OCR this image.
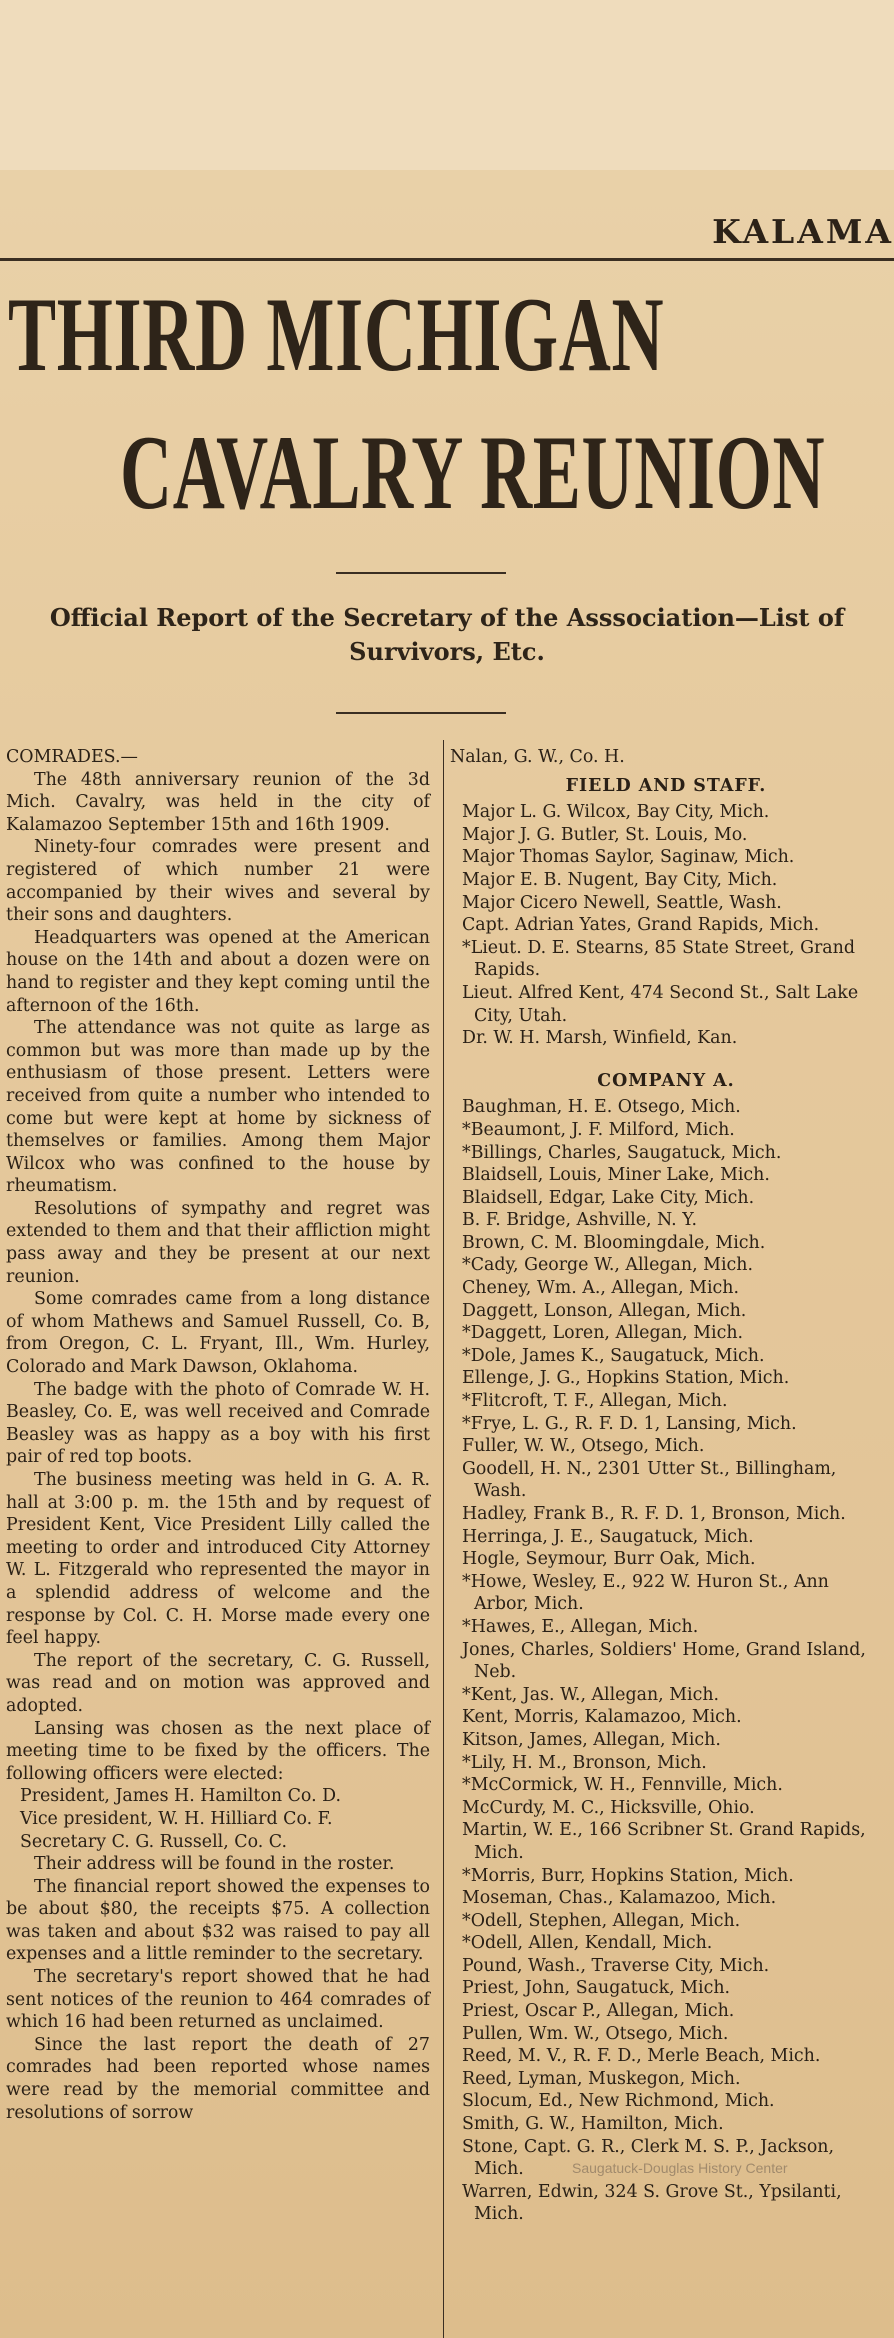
KALAMA
THIRD MICHIGAN
CAVALRY REUNION
Official Report of the Secretary of the Asssociation—List of Survivors, Etc.

COMRADES.—

The 48th anniversary reunion of the 3d Mich. Cavalry, was held in the city of Kalamazoo September 15th and 16th 1909.

Ninety-four comrades were present and registered of which number 21 were accompanied by their wives and several by their sons and daughters.

Headquarters was opened at the American house on the 14th and about a dozen were on hand to register and they kept coming until the afternoon of the 16th.

The attendance was not quite as large as common but was more than made up by the enthusiasm of those present. Letters were received from quite a number who intended to come but were kept at home by sickness of themselves or families. Among them Major Wilcox who was confined to the house by rheumatism.

Resolutions of sympathy and regret was extended to them and that their affliction might pass away and they be present at our next reunion.

Some comrades came from a long distance of whom Mathews and Samuel Russell, Co. B, from Oregon, C. L. Fryant, Ill., Wm. Hurley, Colorado and Mark Dawson, Oklahoma.

The badge with the photo of Comrade W. H. Beasley, Co. E, was well received and Comrade Beasley was as happy as a boy with his first pair of red top boots.

The business meeting was held in G. A. R. hall at 3:00 p. m. the 15th and by request of President Kent, Vice President Lilly called the meeting to order and introduced City Attorney W. L. Fitzgerald who represented the mayor in a splendid address of welcome and the response by Col. C. H. Morse made every one feel happy.

The report of the secretary, C. G. Russell, was read and on motion was approved and adopted.

Lansing was chosen as the next place of meeting time to be fixed by the officers. The following officers were elected:

President, James H. Hamilton Co. D.

Vice president, W. H. Hilliard Co. F.

Secretary C. G. Russell, Co. C.

Their address will be found in the roster.

The financial report showed the expenses to be about $80, the receipts $75. A collection was taken and about $32 was raised to pay all expenses and a little reminder to the secretary.

The secretary's report showed that he had sent notices of the reunion to 464 comrades of which 16 had been returned as unclaimed.

Since the last report the death of 27 comrades had been reported whose names were read by the memorial committee and resolutions of sorrow

Nalan, G. W., Co. H.

FIELD AND STAFF.
Major L. G. Wilcox, Bay City, Mich.
Major J. G. Butler, St. Louis, Mo.
Major Thomas Saylor, Saginaw, Mich.
Major E. B. Nugent, Bay City, Mich.
Major Cicero Newell, Seattle, Wash.
Capt. Adrian Yates, Grand Rapids, Mich.
*Lieut. D. E. Stearns, 85 State Street, Grand Rapids.
Lieut. Alfred Kent, 474 Second St., Salt Lake City, Utah.
Dr. W. H. Marsh, Winfield, Kan.
COMPANY A.
Baughman, H. E. Otsego, Mich.
*Beaumont, J. F. Milford, Mich.
*Billings, Charles, Saugatuck, Mich.
Blaidsell, Louis, Miner Lake, Mich.
Blaidsell, Edgar, Lake City, Mich.
B. F. Bridge, Ashville, N. Y.
Brown, C. M. Bloomingdale, Mich.
*Cady, George W., Allegan, Mich.
Cheney, Wm. A., Allegan, Mich.
Daggett, Lonson, Allegan, Mich.
*Daggett, Loren, Allegan, Mich.
*Dole, James K., Saugatuck, Mich.
Ellenge, J. G., Hopkins Station, Mich.
*Flitcroft, T. F., Allegan, Mich.
*Frye, L. G., R. F. D. 1, Lansing, Mich.
Fuller, W. W., Otsego, Mich.
Goodell, H. N., 2301 Utter St., Billingham, Wash.
Hadley, Frank B., R. F. D. 1, Bronson, Mich.
Herringa, J. E., Saugatuck, Mich.
Hogle, Seymour, Burr Oak, Mich.
*Howe, Wesley, E., 922 W. Huron St., Ann Arbor, Mich.
*Hawes, E., Allegan, Mich.
Jones, Charles, Soldiers' Home, Grand Island, Neb.
*Kent, Jas. W., Allegan, Mich.
Kent, Morris, Kalamazoo, Mich.
Kitson, James, Allegan, Mich.
*Lily, H. M., Bronson, Mich.
*McCormick, W. H., Fennville, Mich.
McCurdy, M. C., Hicksville, Ohio.
Martin, W. E., 166 Scribner St. Grand Rapids, Mich.
*Morris, Burr, Hopkins Station, Mich.
Moseman, Chas., Kalamazoo, Mich.
*Odell, Stephen, Allegan, Mich.
*Odell, Allen, Kendall, Mich.
Pound, Wash., Traverse City, Mich.
Priest, John, Saugatuck, Mich.
Priest, Oscar P., Allegan, Mich.
Pullen, Wm. W., Otsego, Mich.
Reed, M. V., R. F. D., Merle Beach, Mich.
Reed, Lyman, Muskegon, Mich.
Slocum, Ed., New Richmond, Mich.
Smith, G. W., Hamilton, Mich.
Stone, Capt. G. R., Clerk M. S. P., Jackson, Mich.
Warren, Edwin, 324 S. Grove St., Ypsilanti, Mich.
Saugatuck-Douglas History Center
